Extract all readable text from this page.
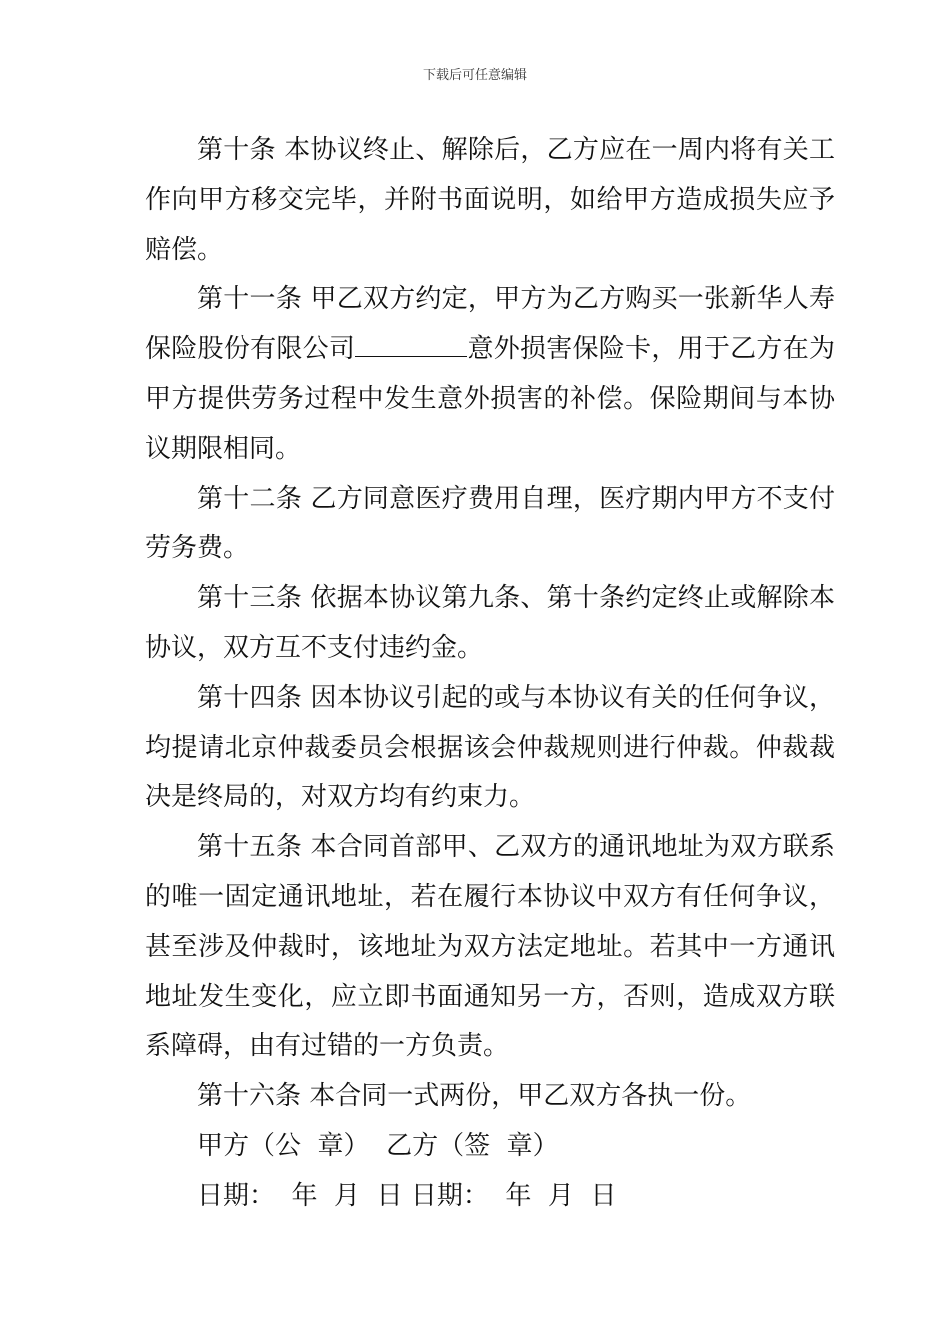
下载后可任意编辑

第十条 本协议终止、解除后，乙方应在一周内将有关工作向甲方移交完毕，并附书面说明，如给甲方造成损失应予赔偿。

第十一条 甲乙双方约定，甲方为乙方购买一张新华人寿保险股份有限公司	意外损害保险卡，用于乙方在为甲方提供劳务过程中发生意外损害的补偿。保险期间与本协议期限相同。

第十二条 乙方同意医疗费用自理，医疗期内甲方不支付劳务费。

第十三条 依据本协议第九条、第十条约定终止或解除本协议，双方互不支付违约金。

第十四条 因本协议引起的或与本协议有关的任何争议，均提请北京仲裁委员会根据该会仲裁规则进行仲裁。仲裁裁决是终局的，对双方均有约束力。

第十五条 本合同首部甲、乙双方的通讯地址为双方联系的唯一固定通讯地址，若在履行本协议中双方有任何争议，甚至涉及仲裁时，该地址为双方法定地址。若其中一方通讯地址发生变化，应立即书面通知另一方，否则，造成双方联系障碍，由有过错的一方负责。

第十六条 本合同一式两份，甲乙双方各执一份。

甲方（公  章） 乙方（签  章）

日期：  年  月  日 日期：  年  月  日
